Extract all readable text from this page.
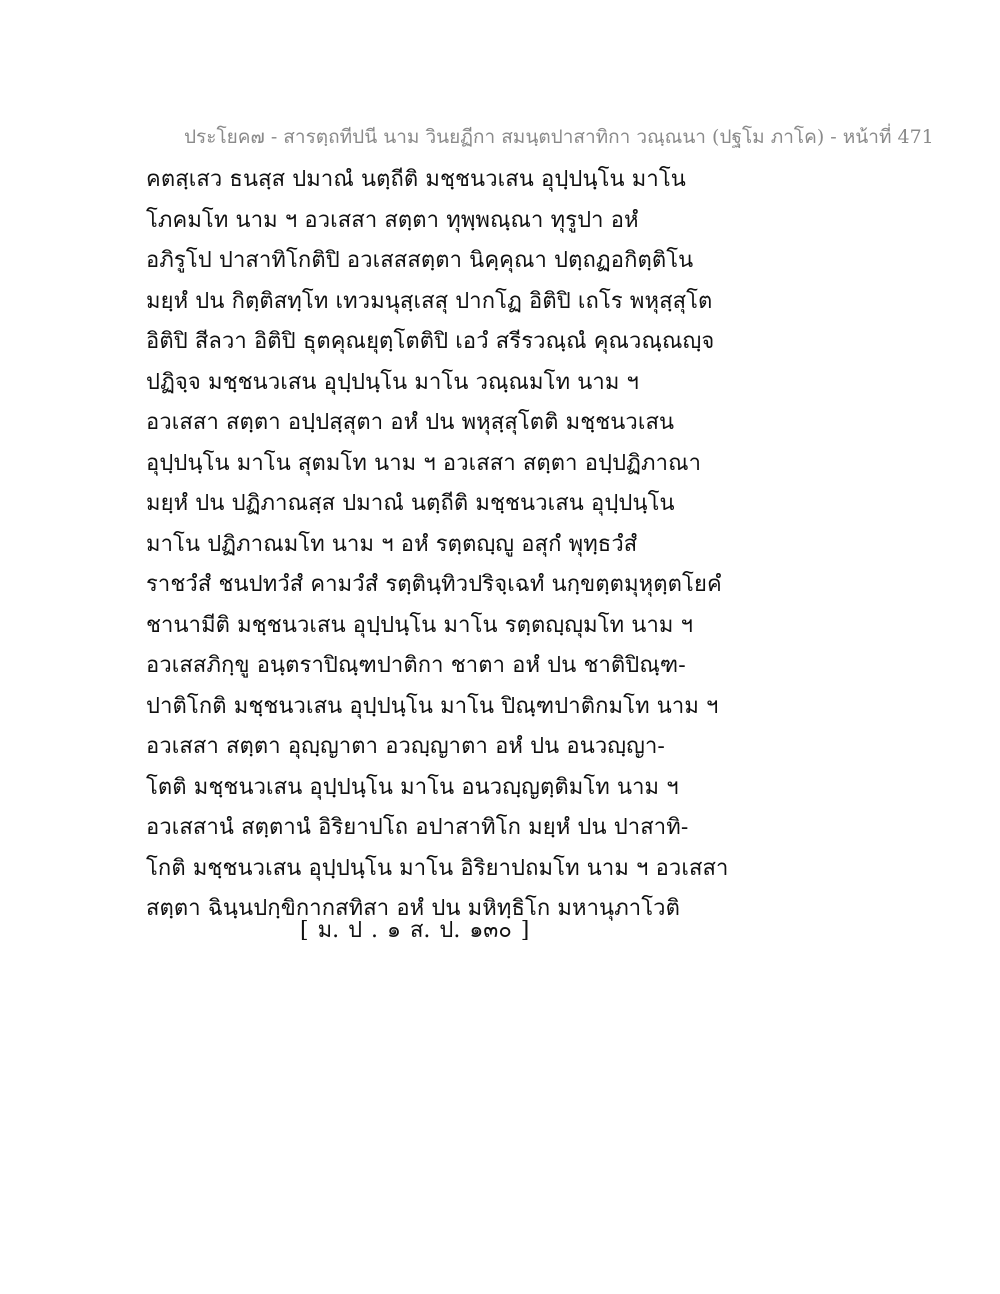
ประโยค๗ - สารตฺถทีปนี นาม วินยฏีกา สมนฺตปาสาทิกา วณฺณนา (ปฐโม ภาโค) - หน้าที่ 471
คตสฺเสว ธนสฺส ปมาณํ นตฺถีติ มชฺชนวเสน อุปฺปนฺโน มาโน
โภคมโท นาม ฯ อวเสสา สตฺตา ทุพฺพณฺณา ทุรูปา อหํ
อภิรูโป ปาสาทิโกติปิ อวเสสสตฺตา นิคฺคุณา ปตฺถฏอกิตฺติโน
มยฺหํ ปน กิตฺติสทฺโท เทวมนุสฺเสสุ ปากโฏ อิติปิ เถโร พหุสฺสุโต
อิติปิ สีลวา อิติปิ ธุตคุณยุตฺโตติปิ เอวํ สรีรวณฺณํ คุณวณฺณญฺจ
ปฏิจฺจ มชฺชนวเสน อุปฺปนฺโน มาโน วณฺณมโท นาม ฯ
อวเสสา สตฺตา อปฺปสฺสุตา อหํ ปน พหุสฺสุโตติ มชฺชนวเสน
อุปฺปนฺโน มาโน สุตมโท นาม ฯ อวเสสา สตฺตา อปฺปฏิภาณา
มยฺหํ ปน ปฏิภาณสฺส ปมาณํ นตฺถีติ มชฺชนวเสน อุปฺปนฺโน
มาโน ปฏิภาณมโท นาม ฯ อหํ รตฺตญฺญู อสุกํ พุทฺธวํสํ
ราชวํสํ ชนปทวํสํ คามวํสํ รตฺตินฺทิวปริจฺเฉทํ นกฺขตฺตมุหุตฺตโยคํ
ชานามีติ มชฺชนวเสน อุปฺปนฺโน มาโน รตฺตญฺญุมโท นาม ฯ
อวเสสภิกฺขู อนฺตราปิณฺฑปาติกา ชาตา อหํ ปน ชาติปิณฺฑ-
ปาติโกติ มชฺชนวเสน อุปฺปนฺโน มาโน ปิณฺฑปาติกมโท นาม ฯ
อวเสสา สตฺตา อุญฺญาตา อวญฺญาตา อหํ ปน อนวญฺญา-
โตติ มชฺชนวเสน อุปฺปนฺโน มาโน อนวญฺญตฺติมโท นาม ฯ
อวเสสานํ สตฺตานํ อิริยาปโถ อปาสาทิโก มยฺหํ ปน ปาสาทิ-
โกติ มชฺชนวเสน อุปฺปนฺโน มาโน อิริยาปถมโท นาม ฯ อวเสสา
สตฺตา ฉินฺนปกฺขิกากสทิสา อหํ ปน มหิทฺธิโก มหานุภาโวติ
[ ม. ป . ๑ ส. ป. ๑๓๐ ]
